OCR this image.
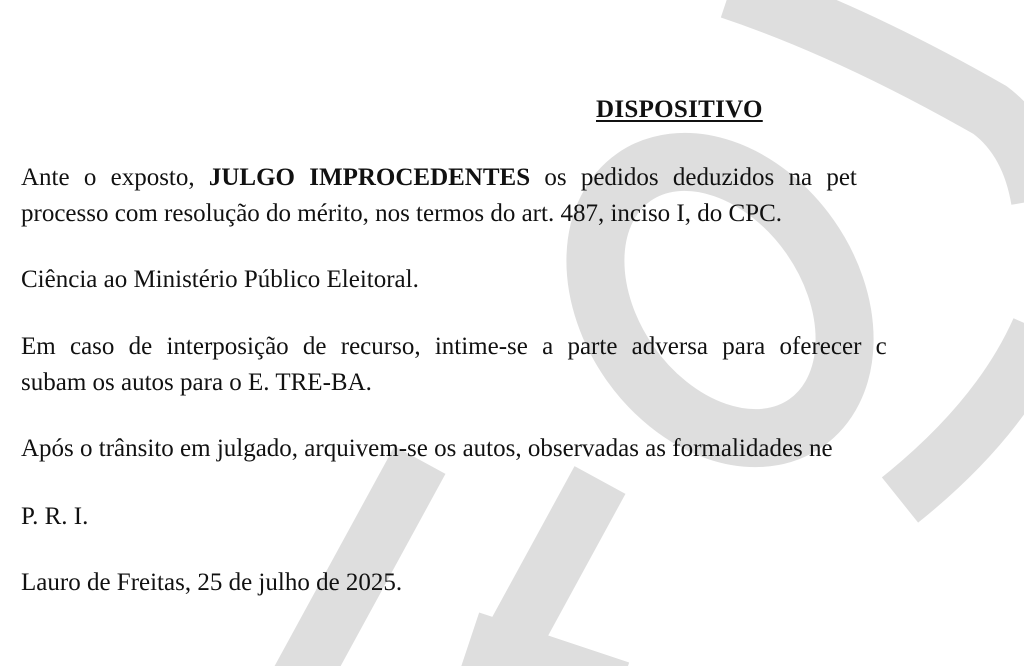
DISPOSITIVO
Ante o exposto, JULGO IMPROCEDENTES os pedidos deduzidos na pet
processo com resolução do mérito, nos termos do art. 487, inciso I, do CPC.
Ciência ao Ministério Público Eleitoral.
Em caso de interposição de recurso, intime-se a parte adversa para oferecer c
subam os autos para o E. TRE-BA.
Após o trânsito em julgado, arquivem-se os autos, observadas as formalidades ne
P. R. I.
Lauro de Freitas, 25 de julho de 2025.
